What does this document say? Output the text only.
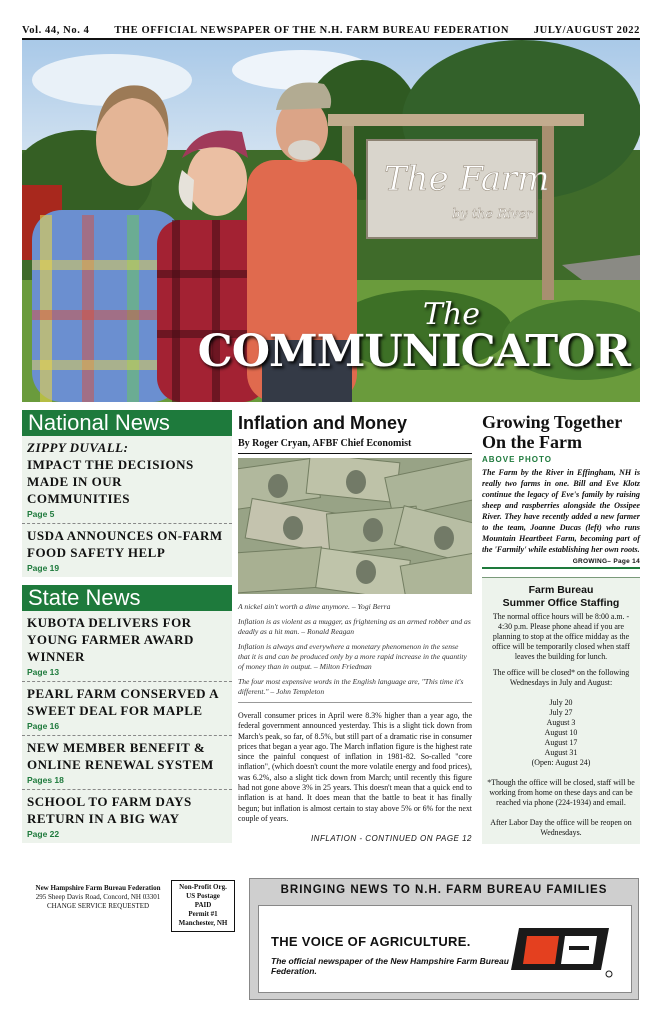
Vol. 44, No. 4 THE OFFICIAL NEWSPAPER OF THE N.H. FARM BUREAU FEDERATION JULY/AUGUST 2022
The Farm
by the River
The
COMMUNICATOR
National News
ZIPPY DUVALL:
IMPACT THE DECISIONS MADE IN OUR COMMUNITIES
Page 5
USDA ANNOUNCES ON-FARM FOOD SAFETY HELP
Page 19
State News
KUBOTA DELIVERS FOR YOUNG FARMER AWARD WINNER
Page 13
PEARL FARM CONSERVED A SWEET DEAL FOR MAPLE
Page 16
NEW MEMBER BENEFIT & ONLINE RENEWAL SYSTEM
Pages 18
SCHOOL TO FARM DAYS RETURN IN A BIG WAY
Page 22
Inflation and Money
By Roger Cryan, AFBF Chief Economist

A nickel ain't worth a dime anymore. – Yogi Berra

Inflation is as violent as a mugger, as frightening as an armed robber and as deadly as a hit man. – Ronald Reagan

Inflation is always and everywhere a monetary phenomenon in the sense that it is and can be produced only by a more rapid increase in the quantity of money than in output. – Milton Friedman

The four most expensive words in the English language are, "This time it's different." – John Templeton

Overall consumer prices in April were 8.3% higher than a year ago, the federal government announced yesterday. This is a slight tick down from March's peak, so far, of 8.5%, but still part of a dramatic rise in consumer prices that began a year ago. The March inflation figure is the highest rate since the painful conquest of inflation in 1981-82. So-called "core inflation", (which doesn't count the more volatile energy and food prices), was 6.2%, also a slight tick down from March; until recently this figure had not gone above 3% in 25 years. This doesn't mean that a quick end to inflation is at hand. It does mean that the battle to beat it has finally begun; but inflation is almost certain to stay above 5% or 6% for the next couple of years.
INFLATION - CONTINUED ON PAGE 12
Growing Together On the Farm
ABOVE PHOTO
The Farm by the River in Effingham, NH is really two farms in one. Bill and Eve Klotz continue the legacy of Eve's family by raising sheep and raspberries alongside the Ossipee River. They have recently added a new farmer to the team, Joanne Ducas (left) who runs Mountain Heartbeet Farm, becoming part of the 'Farmily' while establishing her own roots.
GROWING– Page 14
Farm Bureau
Summer Office Staffing
The normal office hours will be 8:00 a.m. - 4:30 p.m. Please phone ahead if you are planning to stop at the office midday as the office will be temporarily closed when staff leaves the building for lunch.
The office will be closed* on the following Wednesdays in July and August:
July 20
July 27
August 3
August 10
August 17
August 31
(Open: August 24)
*Though the office will be closed, staff will be working from home on these days and can be reached via phone (224-1934) and email.
After Labor Day the office will be reopen on Wednesdays.
New Hampshire Farm Bureau Federation
295 Sheep Davis Road, Concord, NH 03301
CHANGE SERVICE REQUESTED
Non-Profit Org.
US Postage
PAID
Permit #1
Manchester, NH
BRINGING NEWS TO N.H. FARM BUREAU FAMILIES
THE VOICE OF AGRICULTURE.
The official newspaper of the New Hampshire Farm Bureau Federation.
